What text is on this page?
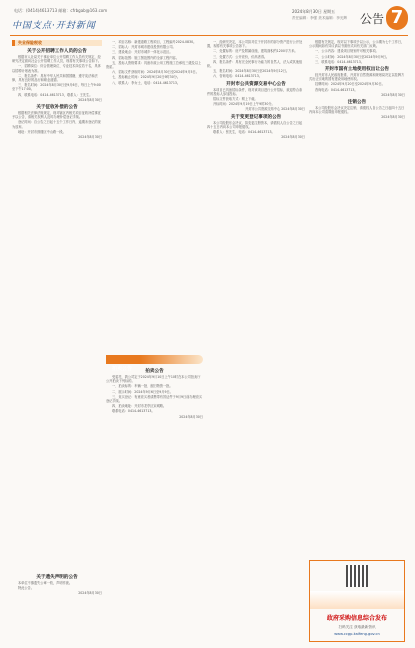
电话：(0414)4613713 邮箱：cfrbgab@163.com
中国支点·开封新闻
2024年8月30日 星期五
责任编辑：李强 美术编辑：李光辉 公告 7
失业保险税收
关于公开招聘工作人员的公告

根据市人社局关于事业单位公开招聘工作人员有关规定，经研究决定面向社会公开招聘工作人员，现将有关事项公告如下。

一、招聘岗位：综合管理岗位、专业技术岗位若干名，具体以招聘计划表为准。

二、报名条件：具有中华人民共和国国籍，遵守宪法和法律，具有良好的品行和职业道德。

三、报名时间：2024年8月30日至9月6日，每日上午9:00至下午17:00。

四、联系电话：0414-4613713，联系人：王先生。

2024年8月30日
关于征收补偿的公告

根据相关法律法规规定，现对辖区内相关项目征收补偿事宜予以公告，请相关权利人及时办理补偿登记手续。

登记时间：自公告之日起十五个工作日内，逾期未登记的视为放弃。

地址：开封市鼓楼区中山路一段。

2024年8月30日
关于遗失声明的公告

本单位不慎遗失公章一枚，声明作废。

特此公告。

2024年8月30日

一、项目名称：新建道路工程项目，工程编号2024-0830。

二、招标人：开封市城市建设投资有限公司。

三、建设地点：开封市城乡一体化示范区。

四、招标范围：施工图范围内的全部工程内容。

五、投标人资格要求：具备市政公用工程施工总承包三级及以上资质。

六、招标文件获取时间：2024年8月30日至2024年9月5日。

七、投标截止时间：2024年9月20日9时30分。

八、联系人：李女士，电话：0414-4613713。

拍卖公告	拍卖公告

受委托，我公司定于2024年9月10日上午10时在本公司拍卖厅公开拍卖下列标的。

一、拍卖标的：车辆一批、废旧物资一批。

二、展示时间：2024年9月6日至9月9日。

三、竞买登记：有意竞买者请携带有效证件于9月9日前办理竞买登记手续。

四、拍卖地址：开封市龙亭区宋城路。

联系电话：0414-4613713。

2024年8月30日

一、经研究决定，本公司拟对位于开封市的部分资产进行公开处置，现将有关事项公告如下。

二、处置标的：房产及附属设施，建筑面积约1200平方米。

三、处置方式：公开竞价，价高者得。

四、报名条件：具有完全民事行为能力的自然人、法人或其他组织。

五、报名时间：2024年8月30日至2024年9月12日。

六、咨询电话：0414-4613713。

开封市公共资源交易中心公告

本项目已具备招标条件，现对该项目进行公开招标，欢迎符合条件的投标人参加投标。

招标文件获取方式：网上下载。

开标时间：2024年9月19日上午9时30分。

开封市公共资源交易中心 2024年8月30日
关于变更登记事项的公告

本公司经股东会决议，拟变更注册资本，请债权人自公告之日起四十五日内向本公司申报债权。

联系人：张先生，电话：0414-4613713。

2024年8月30日

根据有关规定，现对以下事项予以公示，公示期为七个工作日，公示期间如有异议请以书面形式向有关部门反映。

一、公示内容：建设项目规划许可相关事项。

二、公示时间：2024年8月30日至2024年9月9日。

三、联系电话：0414-4613713。

开封市国有土地使用权出让公告

经开封市人民政府批准，开封市自然资源和规划局决定以挂牌方式出让宗地的国有建设用地使用权。

挂牌时间：2024年9月20日至2024年9月30日。

咨询电话：0414-4613713。

2024年8月30日
注销公告

本公司经股东会决议决定注销，请债权人自公告之日起四十五日内向本公司清算组申报债权。

2024年8月30日
政府采购信息综合发布
扫码关注 获取最新资讯
www.ccgp-kaifeng.gov.cn
